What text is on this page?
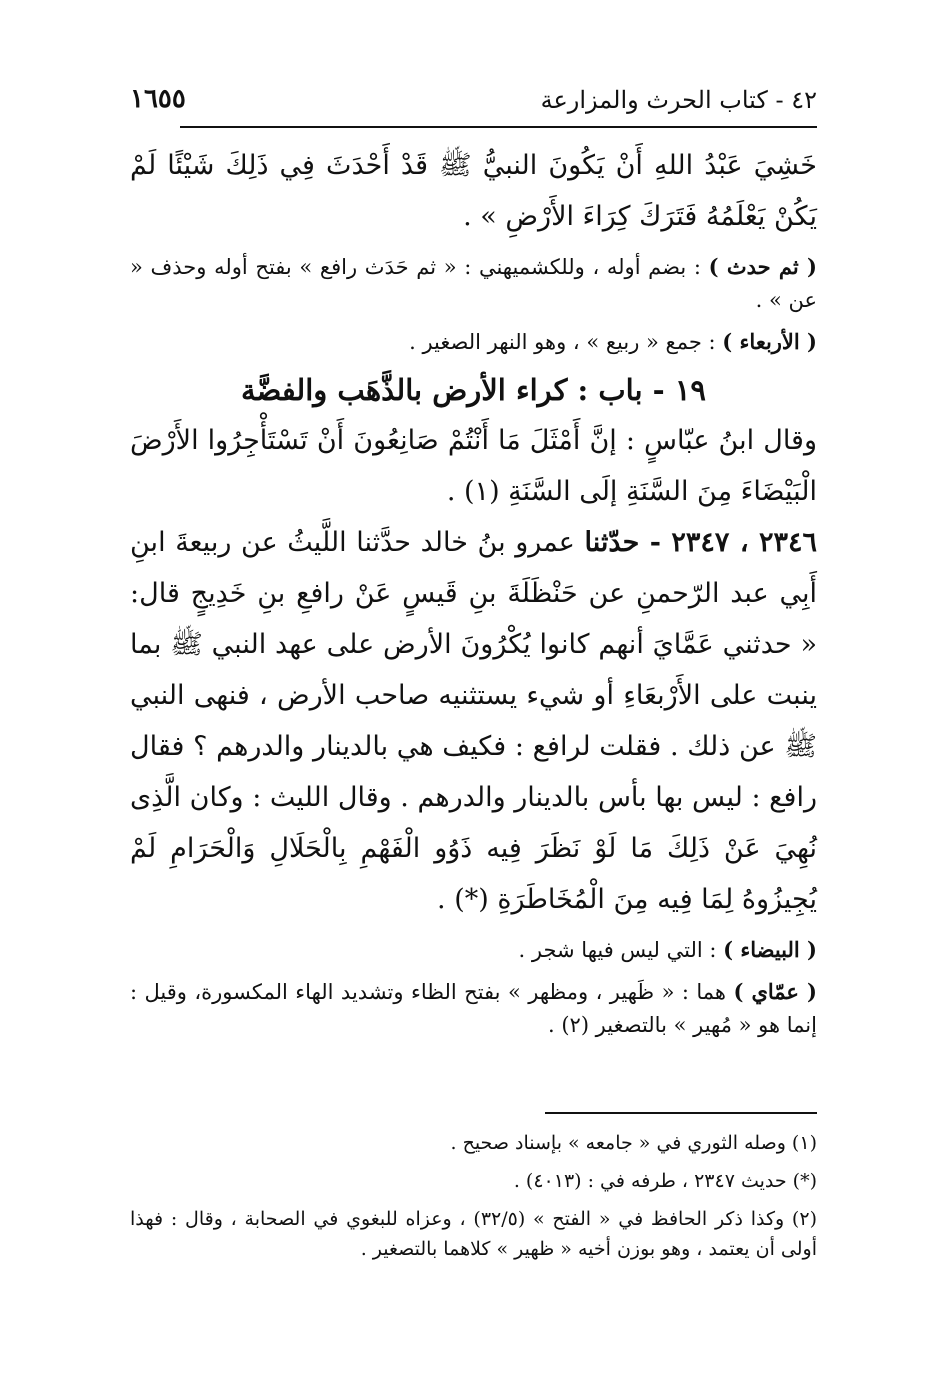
٤٢ - كتاب الحرث والمزارعة
١٦٥٥

خَشِيَ عَبْدُ اللهِ أَنْ يَكُونَ النبيُّ ﷺ قَدْ أَحْدَثَ فِي ذَلِكَ شَيْئًا لَمْ يَكُنْ يَعْلَمُهُ فَتَرَكَ كِرَاءَ الأَرْضِ » .

( ثم حدث ) : بضم أوله ، وللكشميهني : « ثم حَدَث رافع » بفتح أوله وحذف « عن » .

( الأربعاء ) : جمع « ربيع » ، وهو النهر الصغير .

١٩ - باب : كراء الأرض بالذَّهَب والفضَّة

وقال ابنُ عبّاسٍ : إنَّ أَمْثَلَ مَا أَنْتُمْ صَانِعُونَ أَنْ تَسْتَأْجِرُوا الأَرْضَ الْبَيْضَاءَ مِنَ السَّنَةِ إلَى السَّنَةِ (١) .

٢٣٤٦ ، ٢٣٤٧ - حدّثنا عمرو بنُ خالد حدَّثنا اللَّيثُ عن ربيعةَ ابنِ أَبِي عبد الرّحمنِ عن حَنْظَلَةَ بنِ قَيسٍ عَنْ رافعِ بنِ خَدِيجٍ قال: « حدثني عَمَّايَ أنهم كانوا يُكْرُونَ الأرض على عهد النبي ﷺ بما ينبت على الأَرْبعَاءِ أو شيء يستثنيه صاحب الأرض ، فنهى النبي ﷺ عن ذلك . فقلت لرافع : فكيف هي بالدينار والدرهم ؟ فقال رافع : ليس بها بأس بالدينار والدرهم . وقال الليث : وكان الَّذِى نُهِيَ عَنْ ذَلِكَ مَا لَوْ نَظَرَ فِيه ذَوُو الْفَهْمِ بِالْحَلَالِ وَالْحَرَامِ لَمْ يُجِيزُوهُ لِمَا فِيه مِنَ الْمُخَاطَرَةِ (*) .

( البيضاء ) : التي ليس فيها شجر .

( عمّاي ) هما : « ظَهير ، ومظهر » بفتح الظاء وتشديد الهاء المكسورة، وقيل : إنما هو « مُهير » بالتصغير (٢) .

(١) وصله الثوري في « جامعه » بإسناد صحيح .

(*) حديث ٢٣٤٧ ، طرفه في : (٤٠١٣) .

(٢) وكذا ذكر الحافظ في « الفتح » (٣٢/٥) ، وعزاه للبغوي في الصحابة ، وقال : فهذا أولى أن يعتمد ، وهو بوزن أخيه « ظهير » كلاهما بالتصغير .
